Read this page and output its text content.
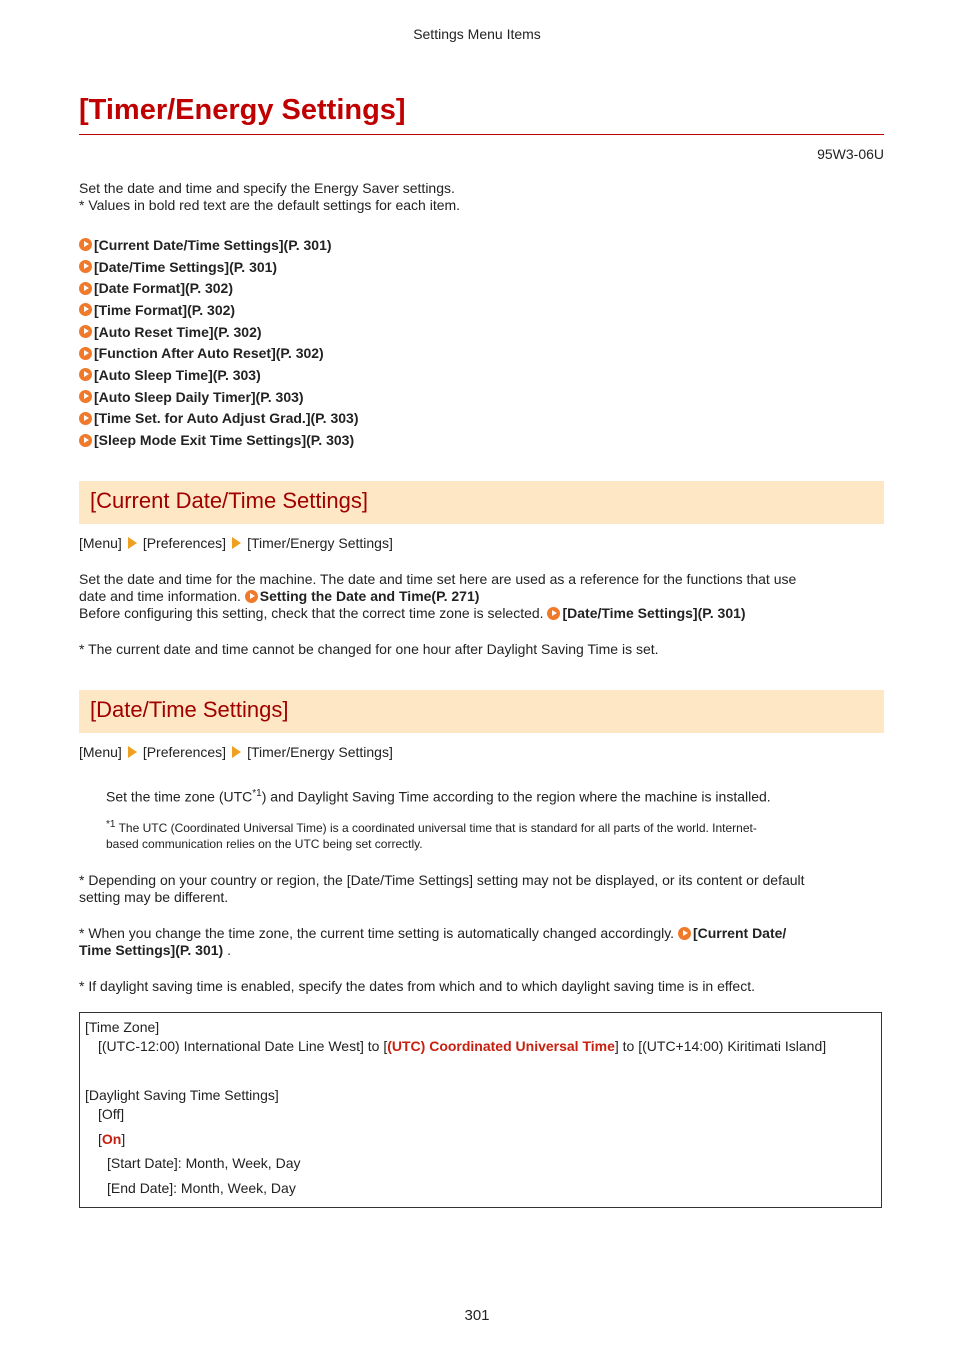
Settings Menu Items
[Timer/Energy Settings]
95W3-06U
Set the date and time and specify the Energy Saver settings.
* Values in bold red text are the default settings for each item.
[Current Date/Time Settings](P. 301)
[Date/Time Settings](P. 301)
[Date Format](P. 302)
[Time Format](P. 302)
[Auto Reset Time](P. 302)
[Function After Auto Reset](P. 302)
[Auto Sleep Time](P. 303)
[Auto Sleep Daily Timer](P. 303)
[Time Set. for Auto Adjust Grad.](P. 303)
[Sleep Mode Exit Time Settings](P. 303)
[Current Date/Time Settings]
[Menu] [Preferences] [Timer/Energy Settings]
Set the date and time for the machine. The date and time set here are used as a reference for the functions that use
date and time information. Setting the Date and Time(P. 271)
Before configuring this setting, check that the correct time zone is selected. [Date/Time Settings](P. 301)
* The current date and time cannot be changed for one hour after Daylight Saving Time is set.
[Date/Time Settings]
[Menu] [Preferences] [Timer/Energy Settings]
Set the time zone (UTC$^{*1}$) and Daylight Saving Time according to the region where the machine is installed.
$^{*1}$ The UTC (Coordinated Universal Time) is a coordinated universal time that is standard for all parts of the world. Internet-
based communication relies on the UTC being set correctly.
* Depending on your country or region, the [Date/Time Settings] setting may not be displayed, or its content or default
setting may be different.
* When you change the time zone, the current time setting is automatically changed accordingly. [Current Date/
Time Settings](P. 301) .
* If daylight saving time is enabled, specify the dates from which and to which daylight saving time is in effect.
[Time Zone]
[(UTC-12:00) International Date Line West] to [(UTC) Coordinated Universal Time] to [(UTC+14:00) Kiritimati Island]
[Daylight Saving Time Settings]
[Off]
[On]
[Start Date]: Month, Week, Day
[End Date]: Month, Week, Day
301
